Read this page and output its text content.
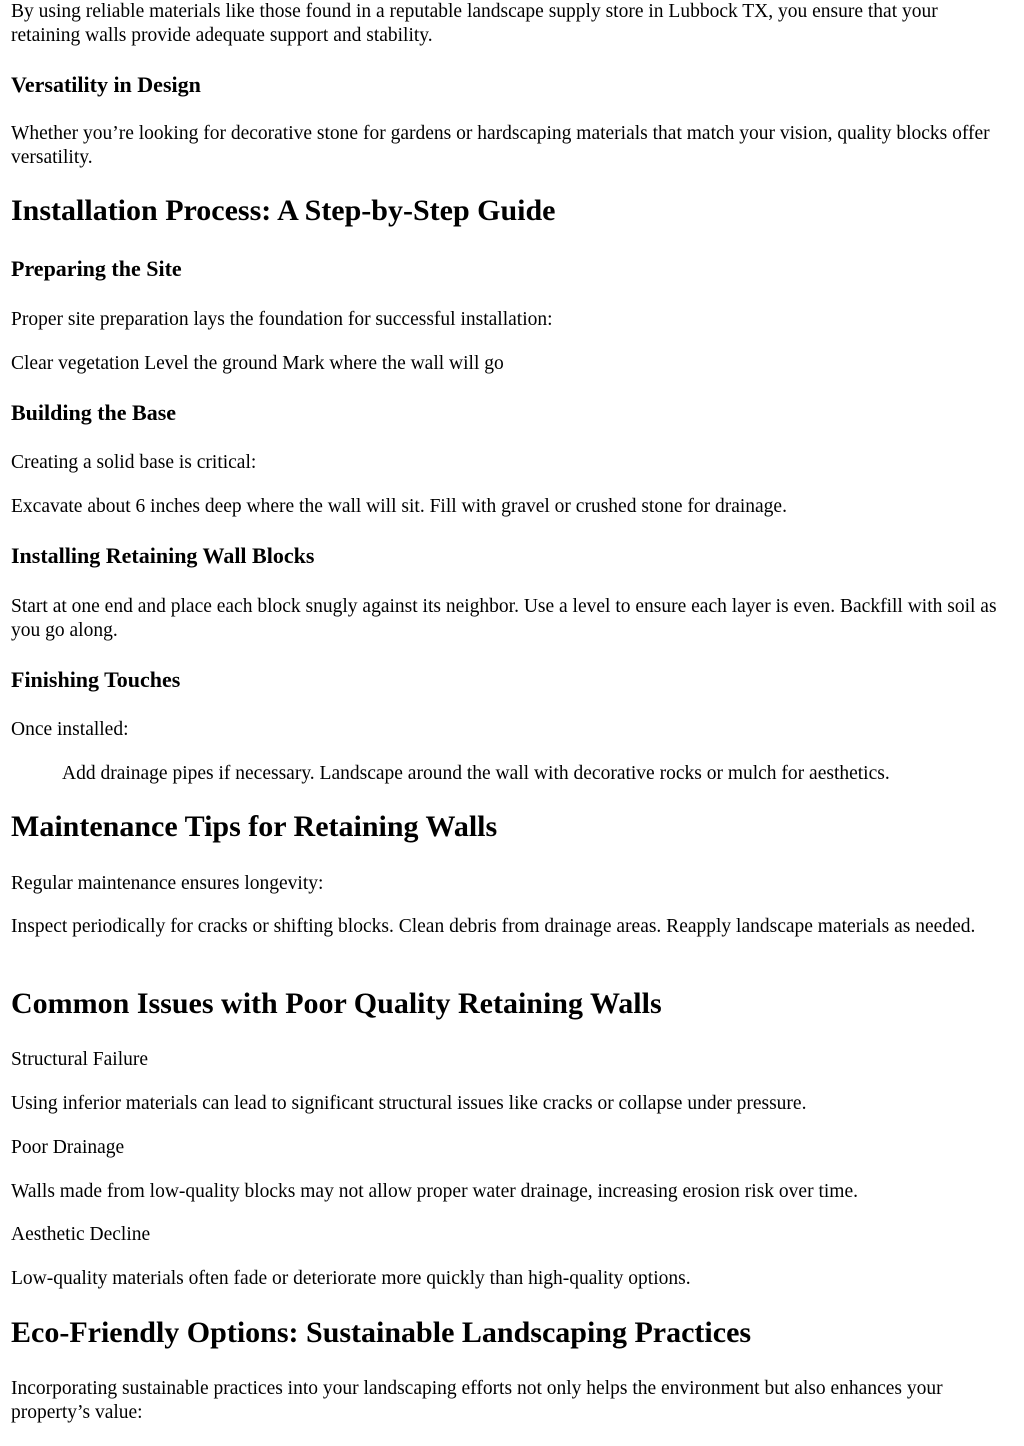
By using reliable materials like those found in a reputable landscape supply store in Lubbock TX, you ensure that your retaining walls provide adequate support and stability.

Versatility in Design

Whether you’re looking for decorative stone for gardens or hardscaping materials that match your vision, quality blocks offer versatility.

Installation Process: A Step-by-Step Guide
Preparing the Site

Proper site preparation lays the foundation for successful installation:

Clear vegetation Level the ground Mark where the wall will go

Building the Base

Creating a solid base is critical:

Excavate about 6 inches deep where the wall will sit. Fill with gravel or crushed stone for drainage.

Installing Retaining Wall Blocks

Start at one end and place each block snugly against its neighbor. Use a level to ensure each layer is even. Backfill with soil as you go along.

Finishing Touches

Once installed:

Add drainage pipes if necessary. Landscape around the wall with decorative rocks or mulch for aesthetics.

Maintenance Tips for Retaining Walls

Regular maintenance ensures longevity:

Inspect periodically for cracks or shifting blocks. Clean debris from drainage areas. Reapply landscape materials as needed.

Common Issues with Poor Quality Retaining Walls

Structural Failure

Using inferior materials can lead to significant structural issues like cracks or collapse under pressure.

Poor Drainage

Walls made from low-quality blocks may not allow proper water drainage, increasing erosion risk over time.

Aesthetic Decline

Low-quality materials often fade or deteriorate more quickly than high-quality options.

Eco-Friendly Options: Sustainable Landscaping Practices

Incorporating sustainable practices into your landscaping efforts not only helps the environment but also enhances your property’s value:
